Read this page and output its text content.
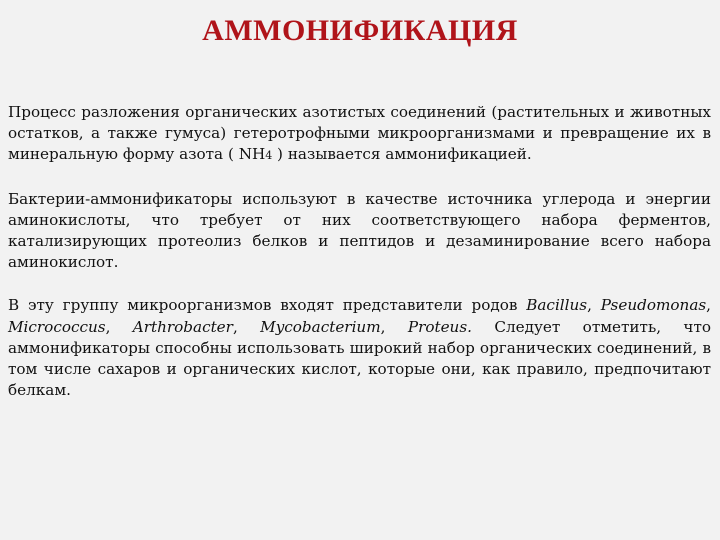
АММОНИФИКАЦИЯ

Процесс разложения органических азотистых соединений (растительных и животных остатков, а также гумуса) гетеротрофными микроорганизмами и превращение их в минеральную форму азота ( NH4 ) называется аммонификацией.

Бактерии-аммонификаторы используют в качестве источника углерода и энергии аминокислоты, что требует от них соответствующего набора ферментов, катализирующих протеолиз белков и пептидов и дезаминирование всего набора аминокислот.

В эту группу микроорганизмов входят представители родов Bacillus, Pseudomonas, Micrococcus, Arthrobacter, Mycobacterium, Proteus. Следует отметить, что аммонификаторы способны использовать широкий набор органических соединений, в том числе сахаров и органических кислот, которые они, как правило, предпочитают белкам.
